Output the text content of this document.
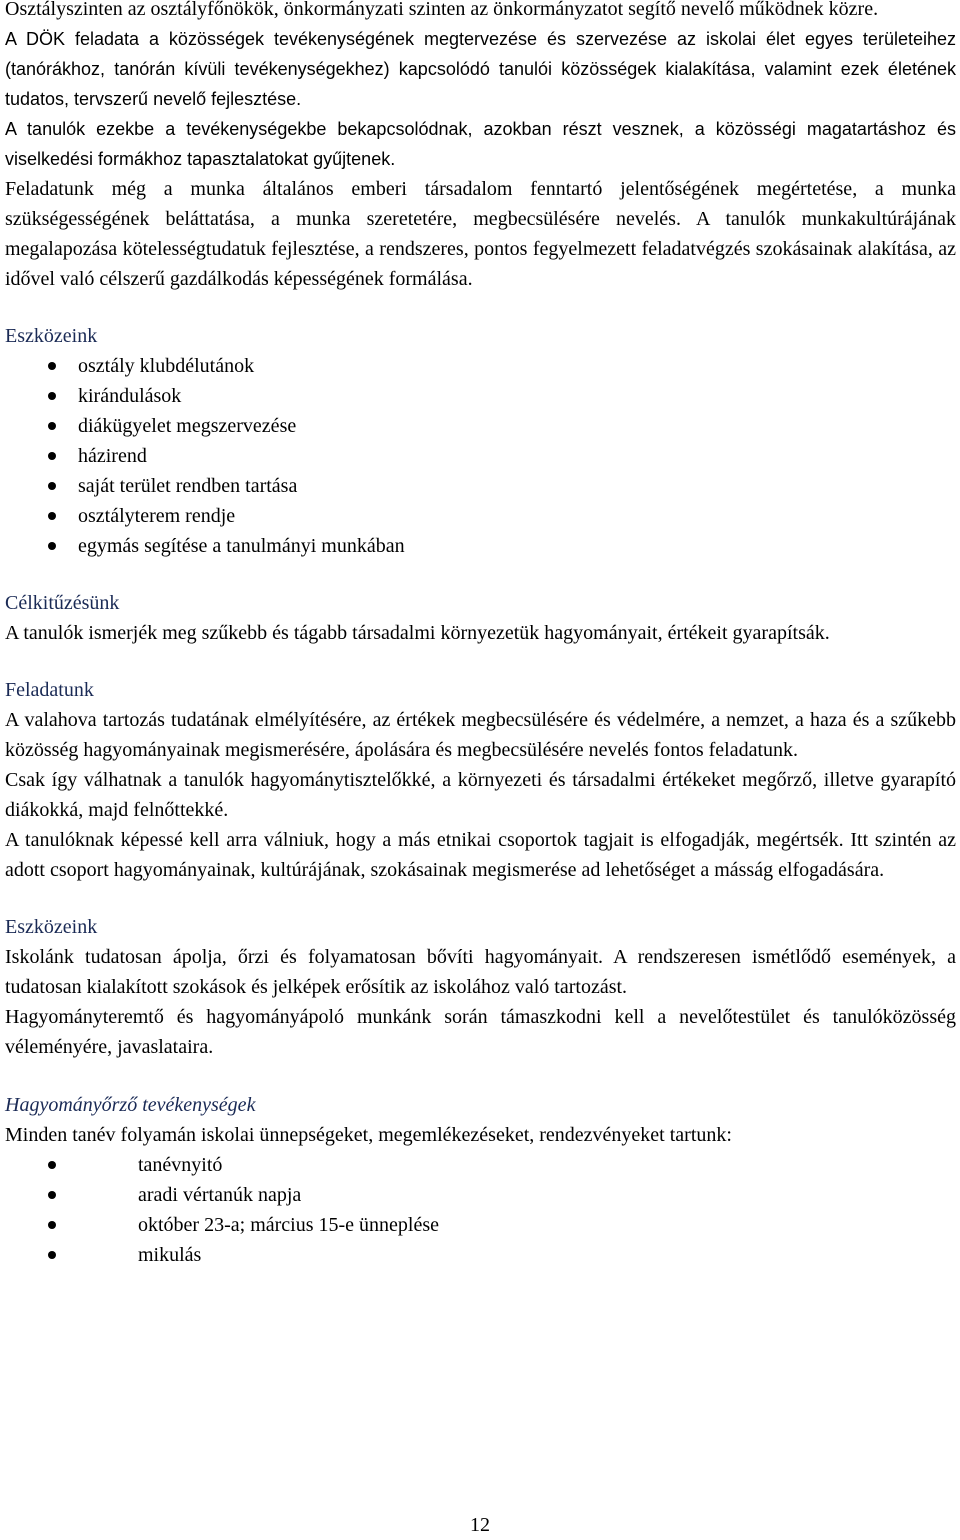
Osztályszinten az osztályfőnökök, önkormányzati szinten az önkormányzatot segítő nevelő működnek közre.

A DÖK feladata a közösségek tevékenységének megtervezése és szervezése az iskolai élet egyes területeihez (tanórákhoz, tanórán kívüli tevékenységekhez) kapcsolódó tanulói közösségek kialakítása, valamint ezek életének tudatos, tervszerű nevelő fejlesztése.

A tanulók ezekbe a tevékenységekbe bekapcsolódnak, azokban részt vesznek, a közösségi magatartáshoz és viselkedési formákhoz tapasztalatokat gyűjtenek.

Feladatunk még a munka általános emberi társadalom fenntartó jelentőségének megértetése, a munka szükségességének beláttatása, a munka szeretetére, megbecsülésére nevelés. A tanulók munkakultúrájának megalapozása kötelességtudatuk fejlesztése, a rendszeres, pontos fegyelmezett feladatvégzés szokásainak alakítása, az idővel való célszerű gazdálkodás képességének formálása.

Eszközeink
osztály klubdélutánok
kirándulások
diákügyelet megszervezése
házirend
saját terület rendben tartása
osztályterem rendje
egymás segítése a tanulmányi munkában
Célkitűzésünk

A tanulók ismerjék meg szűkebb és tágabb társadalmi környezetük hagyományait, értékeit gyarapítsák.

Feladatunk

A valahova tartozás tudatának elmélyítésére, az értékek megbecsülésére és védelmére, a nemzet, a haza és a szűkebb közösség hagyományainak megismerésére, ápolására és megbecsülésére nevelés fontos feladatunk.

Csak így válhatnak a tanulók hagyománytisztelőkké, a környezeti és társadalmi értékeket megőrző, illetve gyarapító diákokká, majd felnőttekké.

A tanulóknak képessé kell arra válniuk, hogy a más etnikai csoportok tagjait is elfogadják, megértsék. Itt szintén az adott csoport hagyományainak, kultúrájának, szokásainak megismerése ad lehetőséget a másság elfogadására.

Eszközeink

Iskolánk tudatosan ápolja, őrzi és folyamatosan bővíti hagyományait. A rendszeresen ismétlődő események, a tudatosan kialakított szokások és jelképek erősítik az iskolához való tartozást.

Hagyományteremtő és hagyományápoló munkánk során támaszkodni kell a nevelőtestület és tanulóközösség véleményére, javaslataira.

Hagyományőrző tevékenységek

Minden tanév folyamán iskolai ünnepségeket, megemlékezéseket, rendezvényeket tartunk:

tanévnyitó
aradi vértanúk napja
október 23-a; március 15-e ünneplése
mikulás
12
